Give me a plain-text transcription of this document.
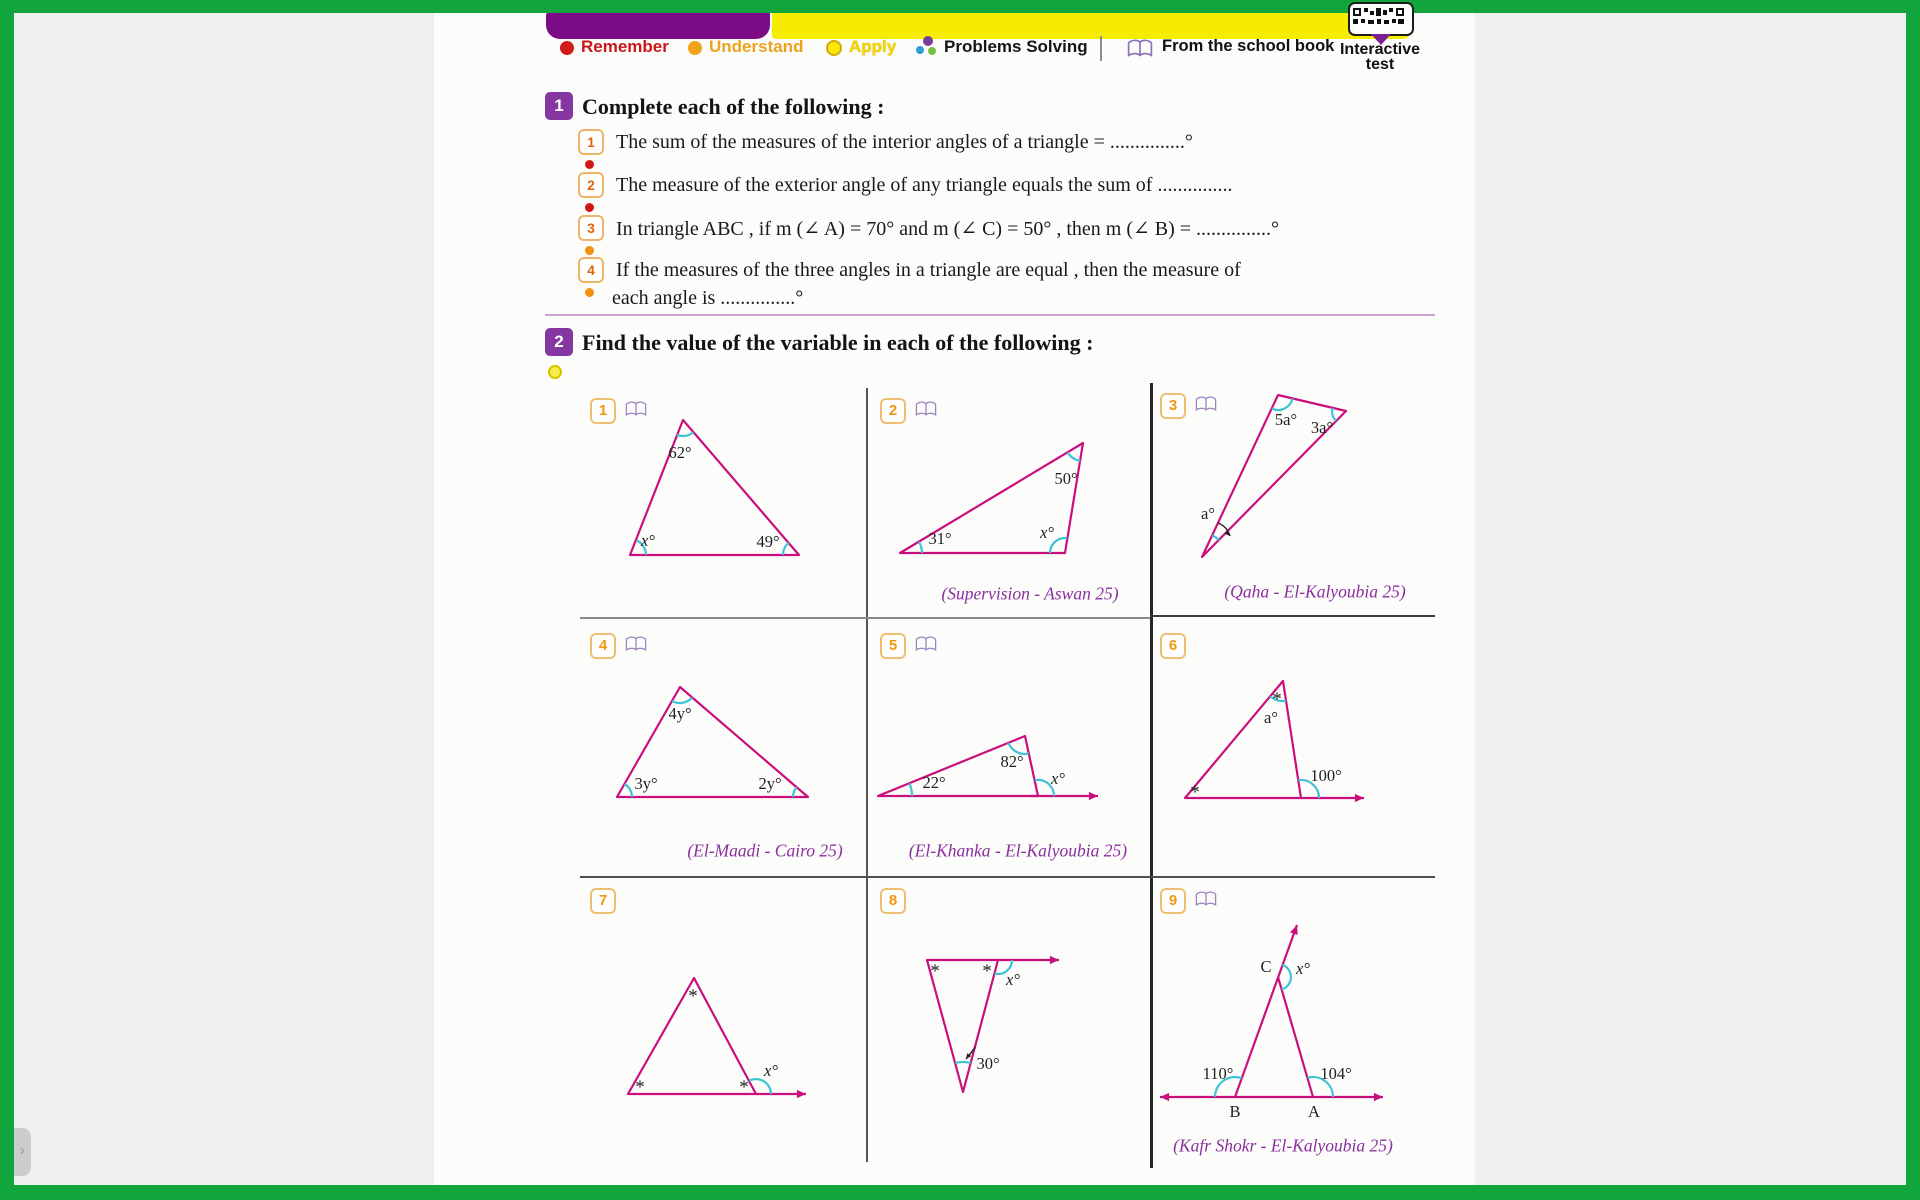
Remember Understand	Apply	Problems Solving	From the school book Interactive
test
1 Complete each of the following :
1 The sum of the measures of the interior angles of a triangle = ...............°
2 The measure of the exterior angle of any triangle equals the sum of ...............
3 In triangle ABC , if m (∠ A) = 70° and m (∠ C) = 50° , then m (∠ B) = ...............°
4 If the measures of the three angles in a triangle are equal , then the measure of
each angle is ...............°
2 Find the value of the variable in each of the following :
62°
x°	49°
1
50°
31°	x°
2
(Supervision - Aswan 25)
5a° 3a°
a°
3
(Qaha - El-Kalyoubia 25)
4y°
3y°	2y°
4
(El-Maadi - Cairo 25)
82°
22°	x°
5
(El-Khanka - El-Kalyoubia 25)
*
a°
*
100°
6
*
*	*
x°
7
* * x°
30°
8
C x°
110°	104°
B	A
9
(Kafr Shokr - El-Kalyoubia 25)
›
